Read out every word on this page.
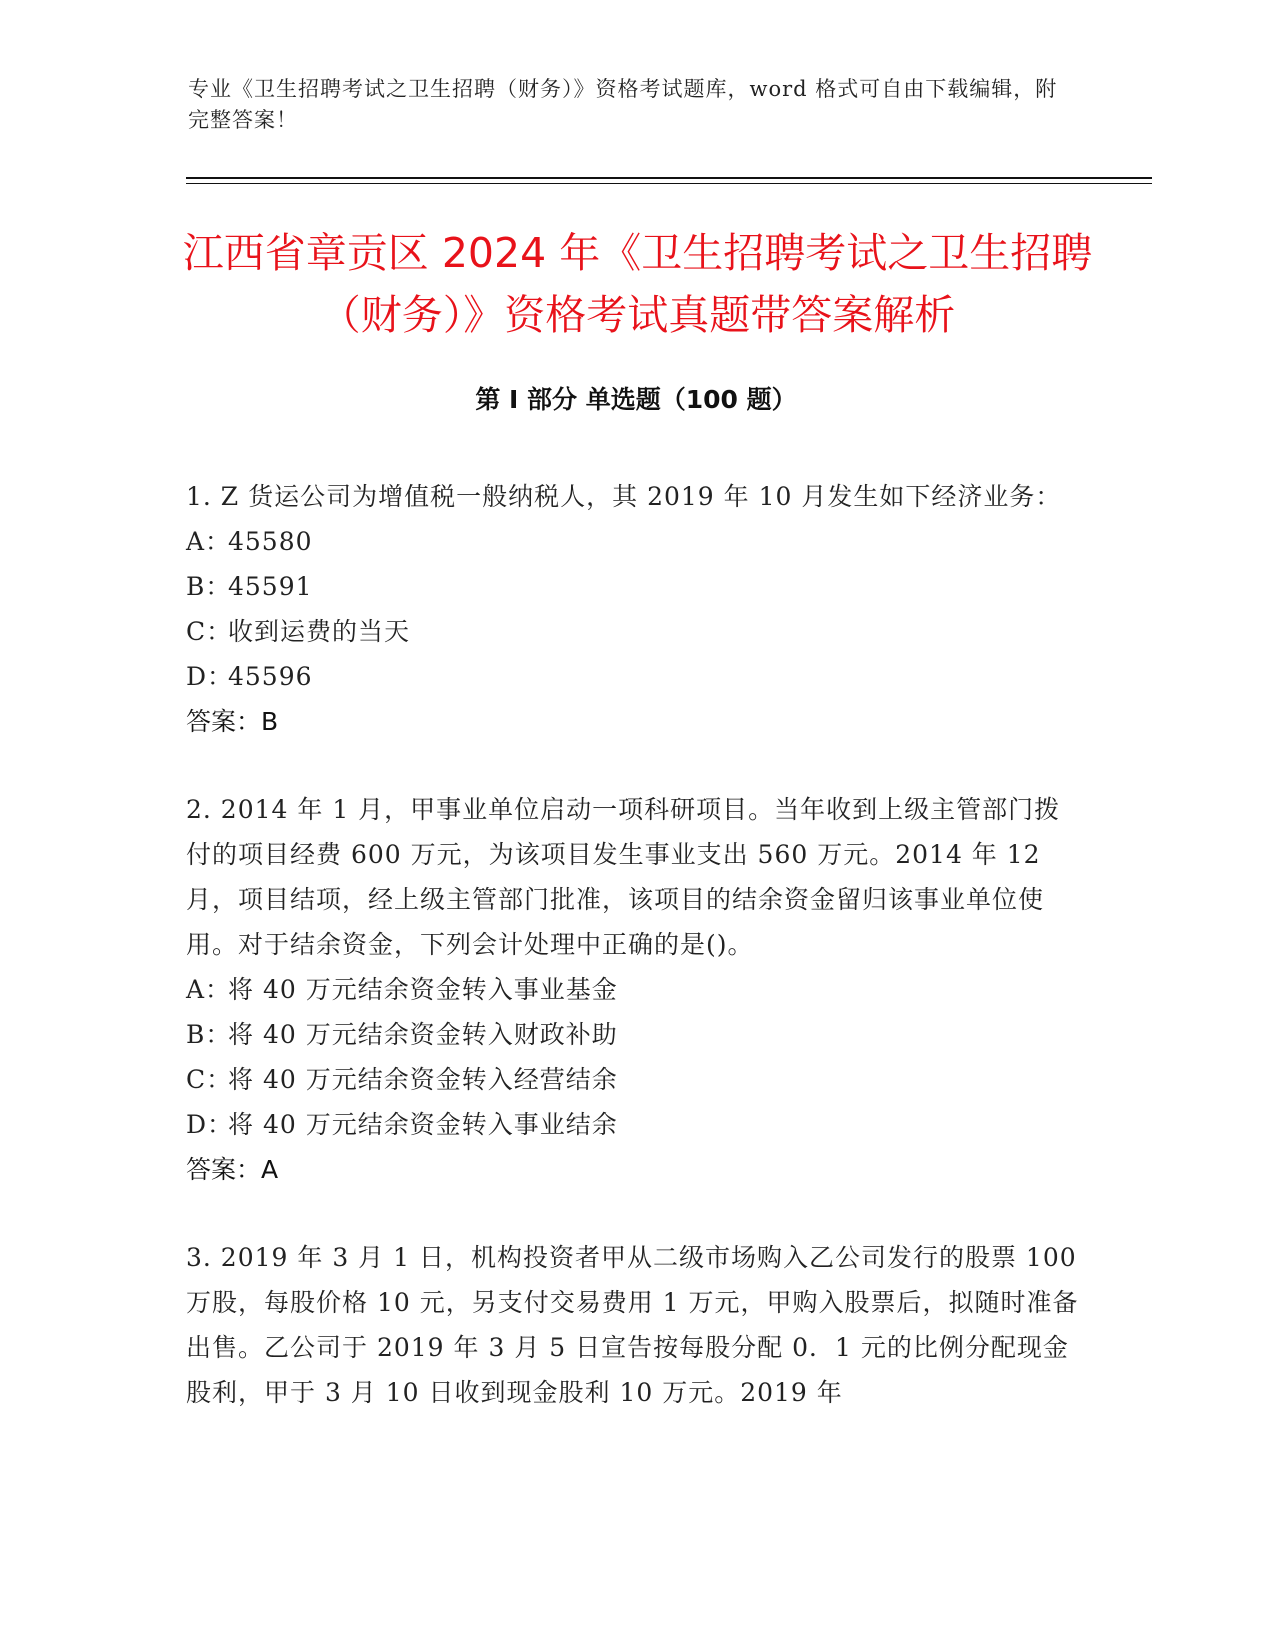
专业《卫生招聘考试之卫生招聘（财务）》资格考试题库，word 格式可自由下载编辑，附完整答案！
江西省章贡区 2024 年《卫生招聘考试之卫生招聘（财务）》资格考试真题带答案解析
第 I 部分 单选题（100 题）

1. Z 货运公司为增值税一般纳税人，其 2019 年 10 月发生如下经济业务：

A：45580

B：45591

C：收到运费的当天

D：45596

答案：B

2. 2014 年 1 月，甲事业单位启动一项科研项目。当年收到上级主管部门拨付的项目经费 600 万元，为该项目发生事业支出 560 万元。2014 年 12 月，项目结项，经上级主管部门批准，该项目的结余资金留归该事业单位使用。对于结余资金，下列会计处理中正确的是()。

A：将 40 万元结余资金转入事业基金

B：将 40 万元结余资金转入财政补助

C：将 40 万元结余资金转入经营结余

D：将 40 万元结余资金转入事业结余

答案：A

3. 2019 年 3 月 1 日，机构投资者甲从二级市场购入乙公司发行的股票 100 万股，每股价格 10 元，另支付交易费用 1 万元，甲购入股票后，拟随时准备出售。乙公司于 2019 年 3 月 5 日宣告按每股分配 0．1 元的比例分配现金股利，甲于 3 月 10 日收到现金股利 10 万元。2019 年
